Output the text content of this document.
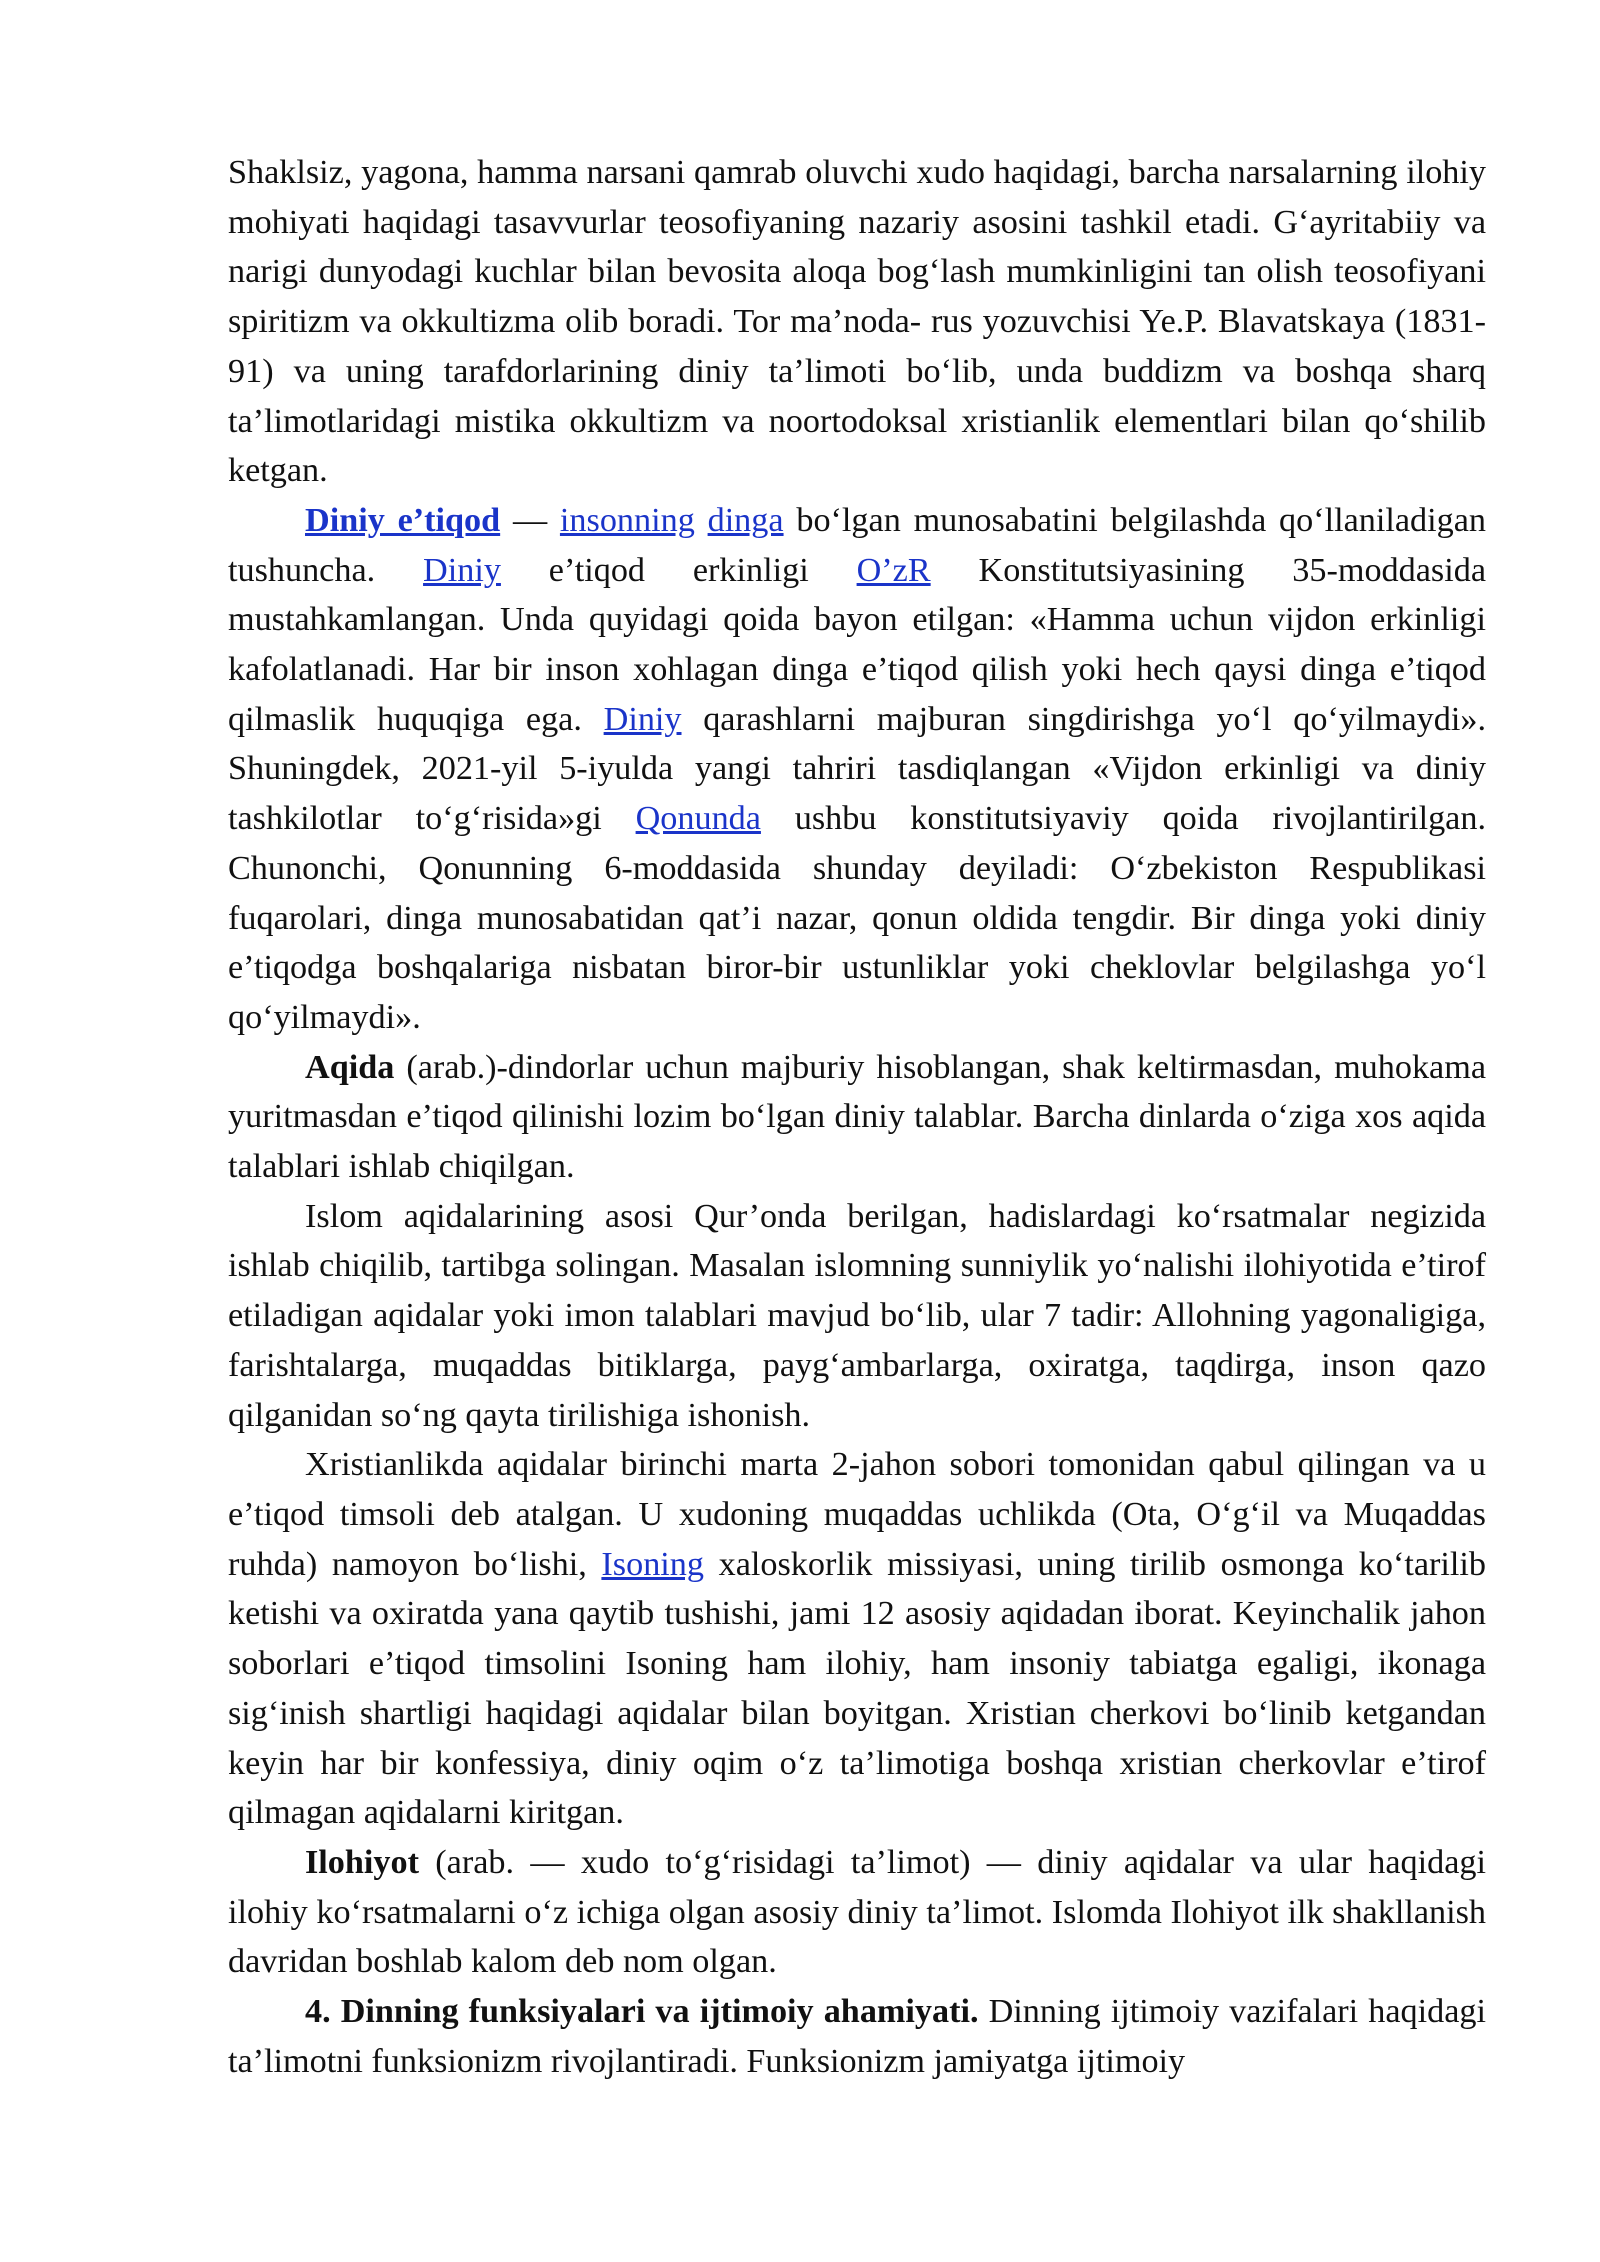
Shaklsiz, yagona, hamma narsani qamrab oluvchi xudo haqidagi, barcha narsalarning ilohiy mohiyati haqidagi tasavvurlar teosofiyaning nazariy asosini tashkil etadi. G‘ayritabiiy va narigi dunyodagi kuchlar bilan bevosita aloqa bog‘lash mumkinligini tan olish teosofiyani spiritizm va okkultizma olib boradi. Tor ma’noda- rus yozuvchisi Ye.P. Blavatskaya (1831-91) va uning tarafdorlarining diniy ta’limoti bo‘lib, unda buddizm va boshqa sharq ta’limotlaridagi mistika okkultizm va noortodoksal xristianlik elementlari bilan qo‘shilib ketgan.

Diniy e’tiqod — insonning dinga bo‘lgan munosabatini belgilashda qo‘llaniladigan tushuncha. Diniy e’tiqod erkinligi O’zR Konstitutsiyasining 35-moddasida mustahkamlangan. Unda quyidagi qoida bayon etilgan: «Hamma uchun vijdon erkinligi kafolatlanadi. Har bir inson xohlagan dinga e’tiqod qilish yoki hech qaysi dinga e’tiqod qilmaslik huquqiga ega. Diniy qarashlarni majburan singdirishga yo‘l qo‘yilmaydi». Shuningdek, 2021-yil 5-iyulda yangi tahriri tasdiqlangan «Vijdon erkinligi va diniy tashkilotlar to‘g‘risida»gi Qonunda ushbu konstitutsiyaviy qoida rivojlantirilgan. Chunonchi, Qonunning 6-moddasida shunday deyiladi: O‘zbekiston Respublikasi fuqarolari, dinga munosabatidan qat’i nazar, qonun oldida tengdir. Bir dinga yoki diniy e’tiqodga boshqalariga nisbatan biror-bir ustunliklar yoki cheklovlar belgilashga yo‘l qo‘yilmaydi».

Aqida (arab.)-dindorlar uchun majburiy hisoblangan, shak keltirmasdan, muhokama yuritmasdan e’tiqod qilinishi lozim bo‘lgan diniy talablar. Barcha dinlarda o‘ziga xos aqida talablari ishlab chiqilgan.

Islom aqidalarining asosi Qur’onda berilgan, hadislardagi ko‘rsatmalar negizida ishlab chiqilib, tartibga solingan. Masalan islomning sunniylik yo‘nalishi ilohiyotida e’tirof etiladigan aqidalar yoki imon talablari mavjud bo‘lib, ular 7 tadir: Allohning yagonaligiga, farishtalarga, muqaddas bitiklarga, payg‘ambarlarga, oxiratga, taqdirga, inson qazo qilganidan so‘ng qayta tirilishiga ishonish.

Xristianlikda aqidalar birinchi marta 2-jahon sobori tomonidan qabul qilingan va u e’tiqod timsoli deb atalgan. U xudoning muqaddas uchlikda (Ota, O‘g‘il va Muqaddas ruhda) namoyon bo‘lishi, Isoning xaloskorlik missiyasi, uning tirilib osmonga ko‘tarilib ketishi va oxiratda yana qaytib tushishi, jami 12 asosiy aqidadan iborat. Keyinchalik jahon soborlari e’tiqod timsolini Isoning ham ilohiy, ham insoniy tabiatga egaligi, ikonaga sig‘inish shartligi haqidagi aqidalar bilan boyitgan. Xristian cherkovi bo‘linib ketgandan keyin har bir konfessiya, diniy oqim o‘z ta’limotiga boshqa xristian cherkovlar e’tirof qilmagan aqidalarni kiritgan.

Ilohiyot (arab. — xudo to‘g‘risidagi ta’limot) — diniy aqidalar va ular haqidagi ilohiy ko‘rsatmalarni o‘z ichiga olgan asosiy diniy ta’limot. Islomda Ilohiyot ilk shakllanish davridan boshlab kalom deb nom olgan.

4. Dinning funksiyalari va ijtimoiy ahamiyati. Dinning ijtimoiy vazifalari haqidagi ta’limotni funksionizm rivojlantiradi. Funksionizm jamiyatga ijtimoiy
